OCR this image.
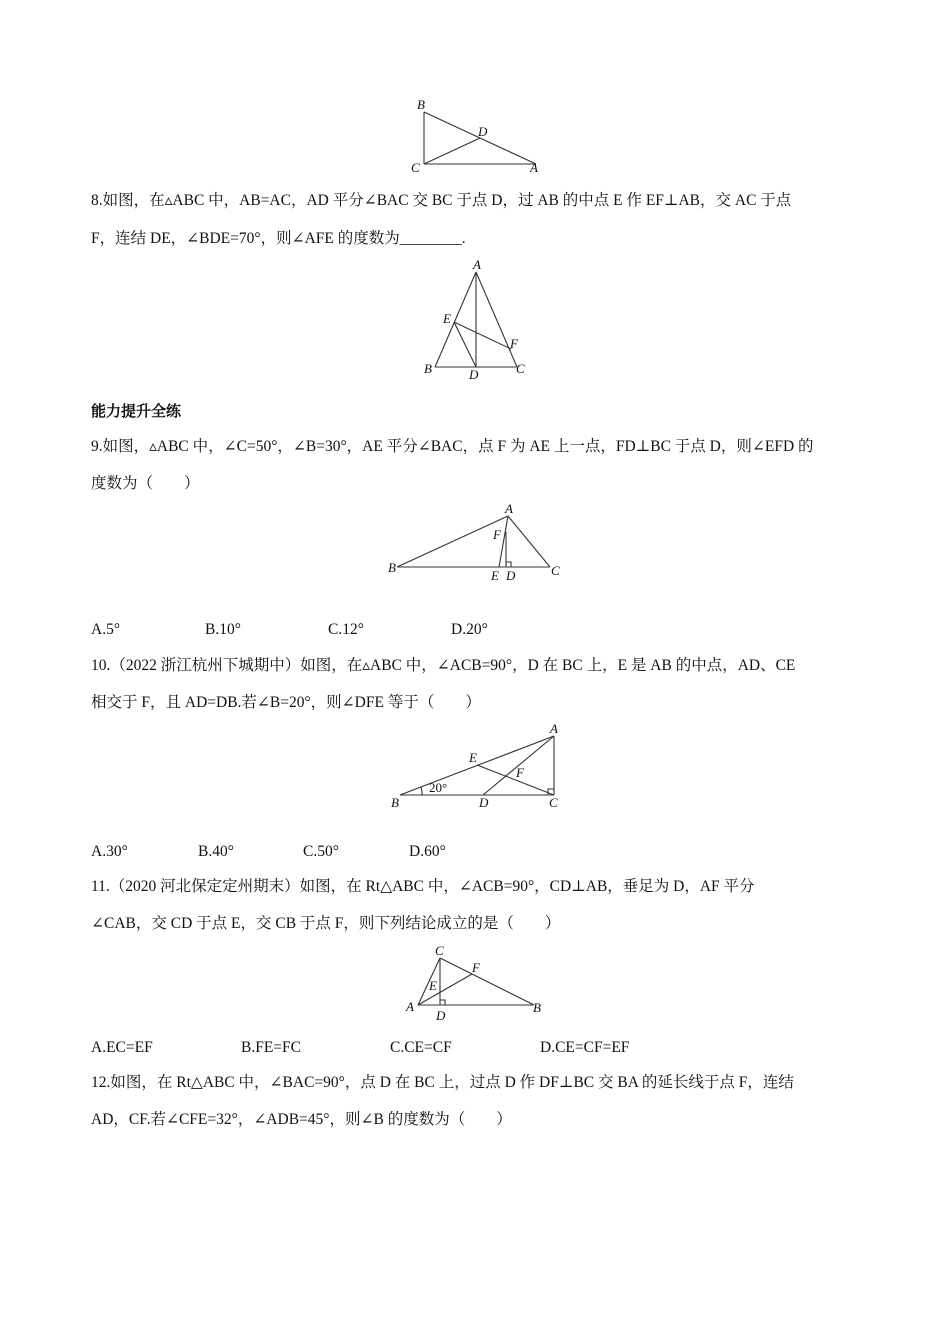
B
D
C	A
8.如图，在▵ABC 中，AB=AC，AD 平分∠BAC 交 BC 于点 D，过 AB 的中点 E 作 EF⊥AB，交 AC 于点
F，连结 DE，∠BDE=70°，则∠AFE 的度数为________.
A
E
F
B	D	C
能力提升全练
9.如图，▵ABC 中，∠C=50°，∠B=30°，AE 平分∠BAC，点 F 为 AE 上一点，FD⊥BC 于点 D，则∠EFD 的
度数为（　　）
A
F
B
E D	C
A.5°	B.10°	C.12°	D.20°
10.（2022 浙江杭州下城期中）如图，在▵ABC 中，∠ACB=90°，D 在 BC 上，E 是 AB 的中点，AD、CE
相交于 F，且 AD=DB.若∠B=20°，则∠DFE 等于（　　）
A
E
F
20°
B	D	C
A.30°	B.40°	C.50°	D.60°
11.（2020 河北保定定州期末）如图，在 Rt△ABC 中，∠ACB=90°，CD⊥AB，垂足为 D，AF 平分
∠CAB，交 CD 于点 E，交 CB 于点 F，则下列结论成立的是（　　）
C
F
E
A
D
B
A.EC=EF	B.FE=FC	C.CE=CF	D.CE=CF=EF
12.如图，在 Rt△ABC 中，∠BAC=90°，点 D 在 BC 上，过点 D 作 DF⊥BC 交 BA 的延长线于点 F，连结
AD，CF.若∠CFE=32°，∠ADB=45°，则∠B 的度数为（　　）
